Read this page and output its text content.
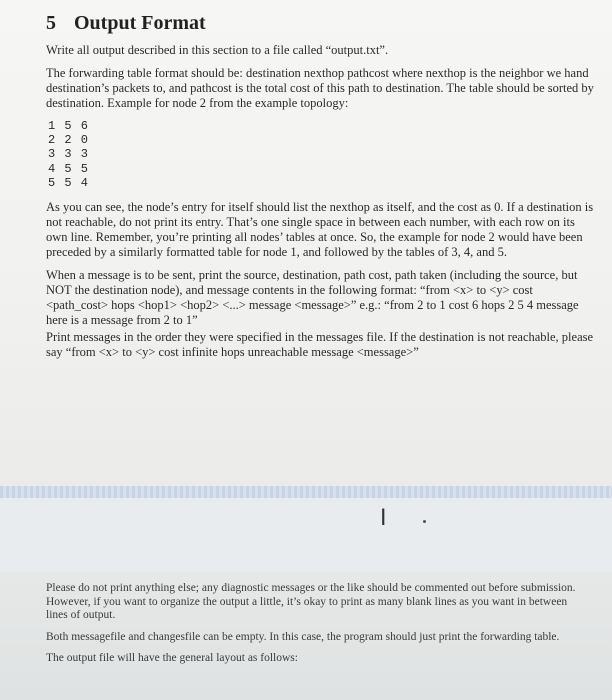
5 Output Format

Write all output described in this section to a file called “output.txt”.

The forwarding table format should be: destination nexthop pathcost where nexthop is the neighbor we hand destination’s packets to, and pathcost is the total cost of this path to destination. The table should be sorted by destination. Example for node 2 from the example topology:

1 5 6
2 2 0
3 3 3
4 5 5
5 5 4

As you can see, the node’s entry for itself should list the nexthop as itself, and the cost as 0. If a destination is not reachable, do not print its entry. That’s one single space in between each number, with each row on its own line. Remember, you’re printing all nodes’ tables at once. So, the example for node 2 would have been preceded by a similarly formatted table for node 1, and followed by the tables of 3, 4, and 5.

When a message is to be sent, print the source, destination, path cost, path taken (including the source, but NOT the destination node), and message contents in the following format: “from <x> to <y> cost <path_cost> hops <hop1> <hop2> <...> message <message>” e.g.: “from 2 to 1 cost 6 hops 2 5 4 message here is a message from 2 to 1”

Print messages in the order they were specified in the messages file. If the destination is not reachable, please say “from <x> to <y> cost infinite hops unreachable message <message>”

I

Please do not print anything else; any diagnostic messages or the like should be commented out before submission. However, if you want to organize the output a little, it’s okay to print as many blank lines as you want in between lines of output.

Both messagefile and changesfile can be empty. In this case, the program should just print the forwarding table.

The output file will have the general layout as follows:
